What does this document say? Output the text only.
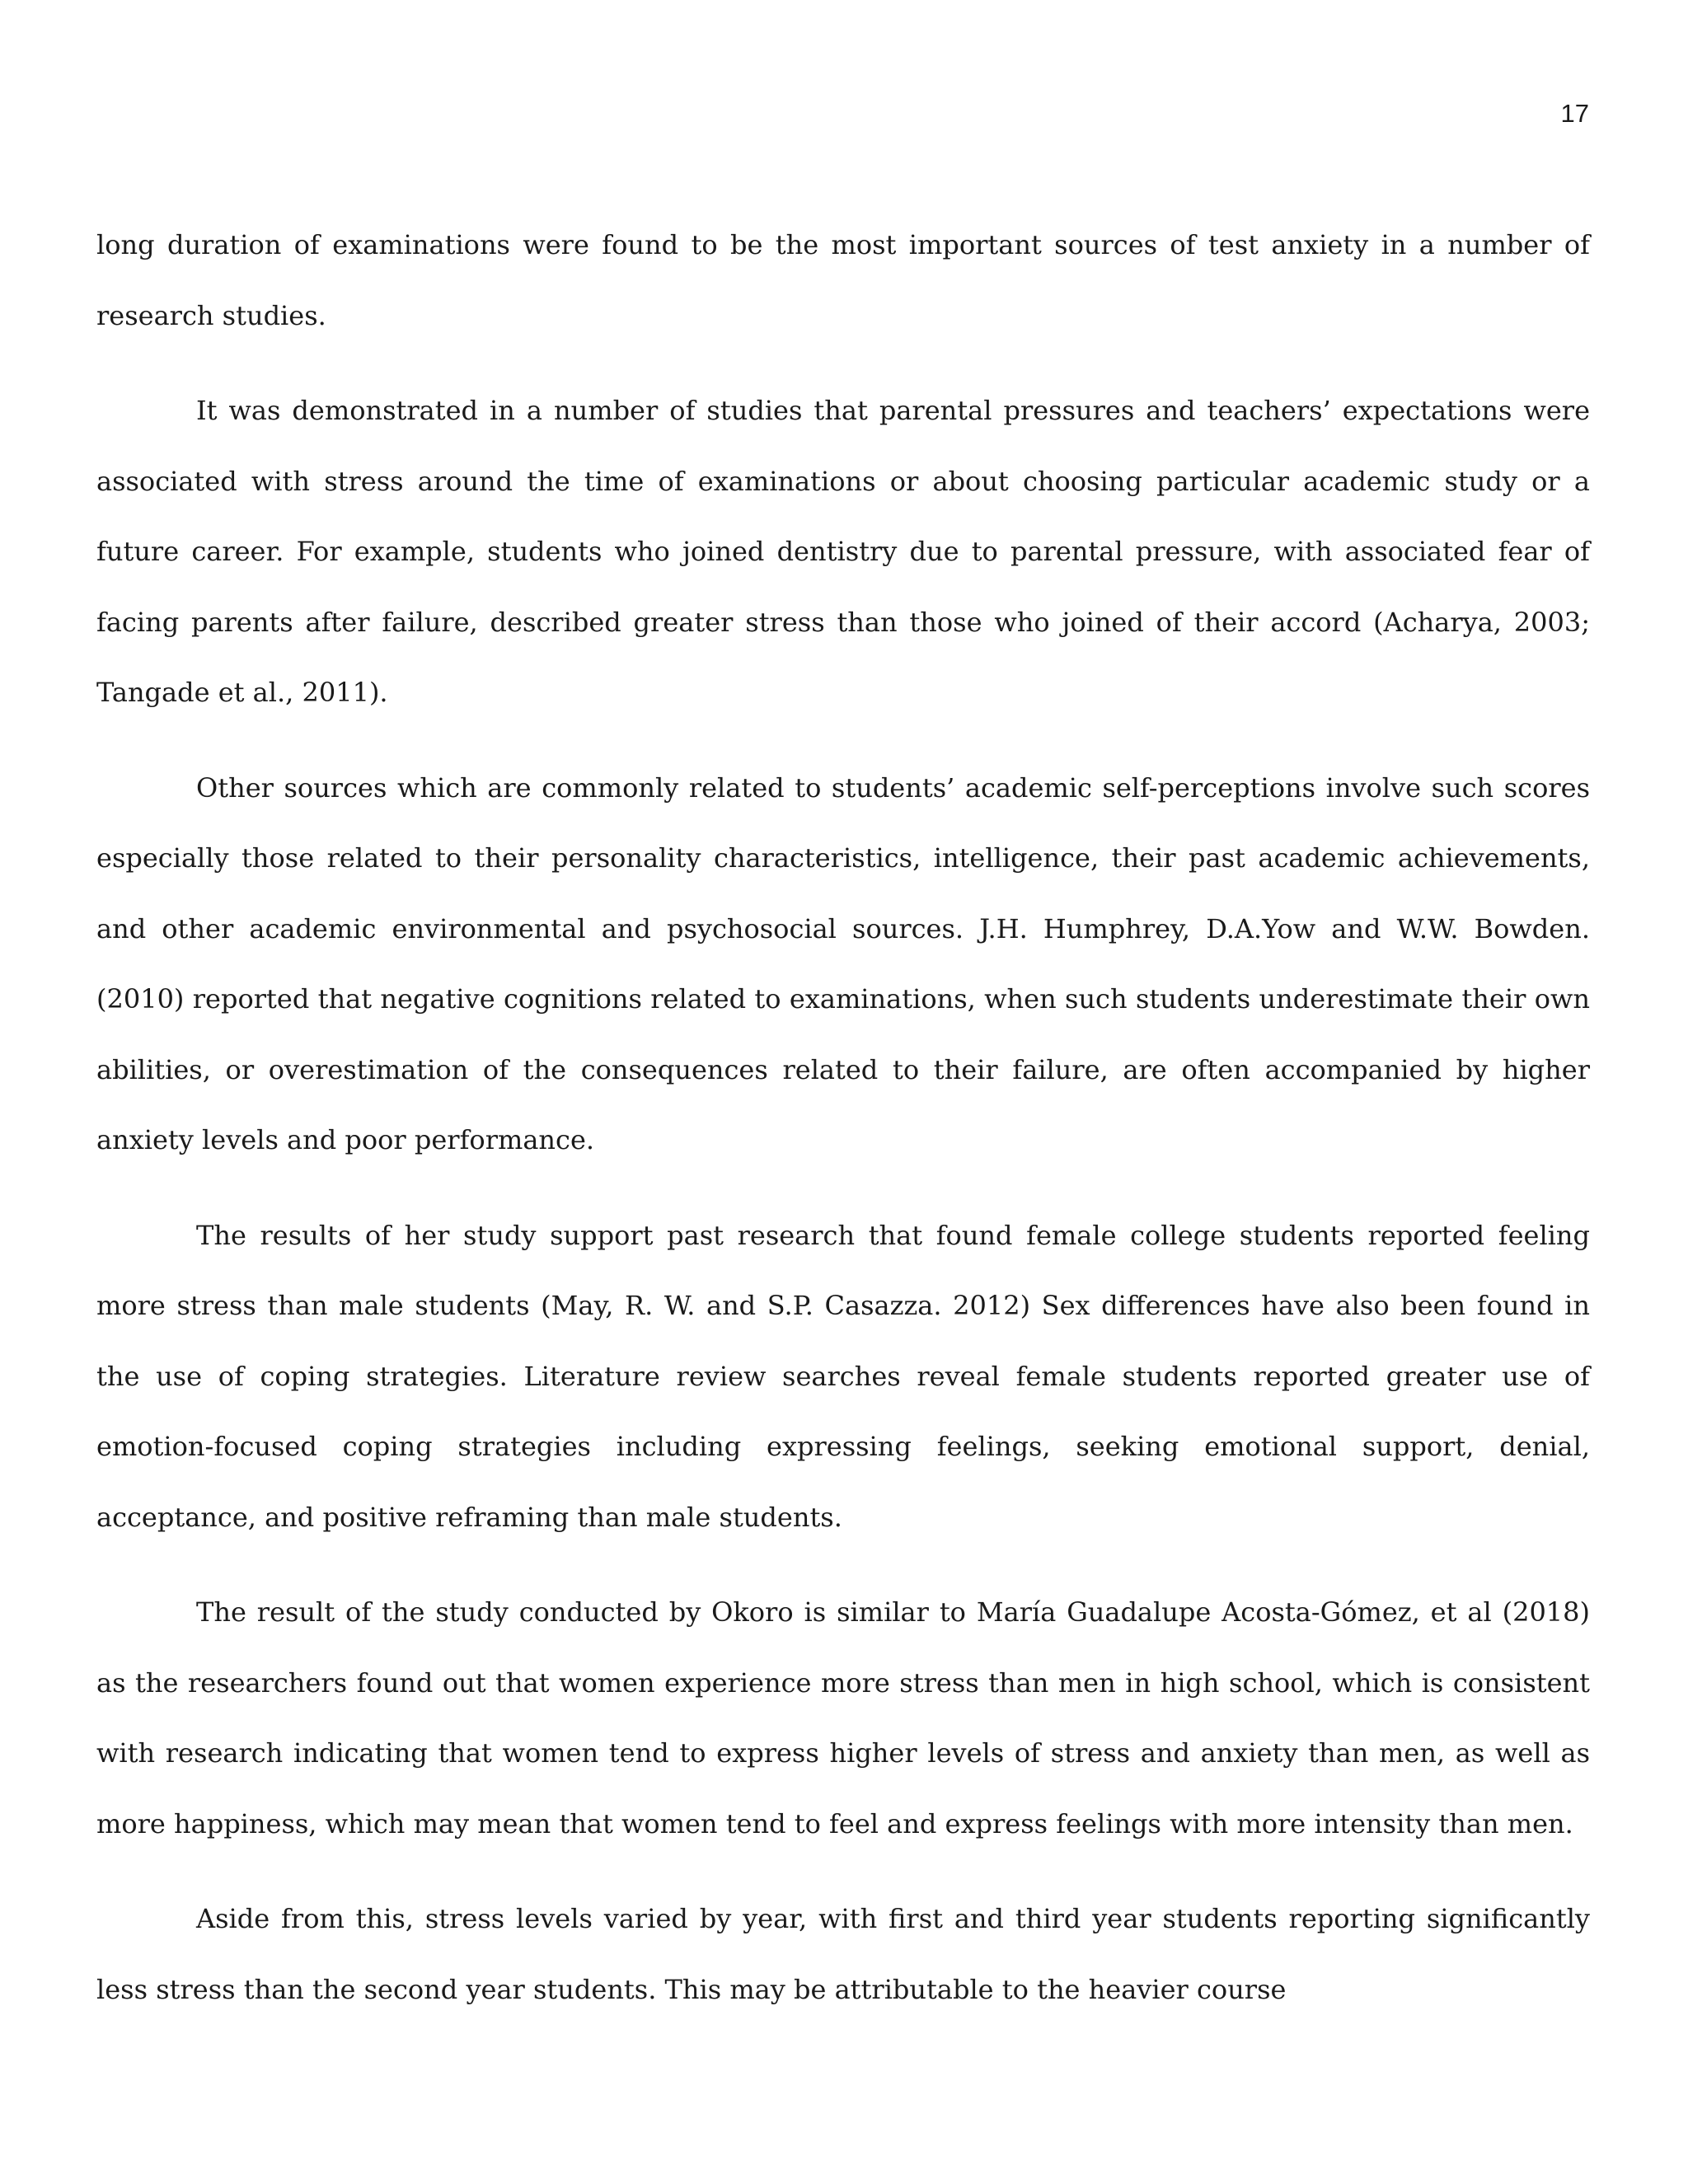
17

long duration of examinations were found to be the most important sources of test anxiety in a number of research studies.

It was demonstrated in a number of studies that parental pressures and teachers’ expectations were associated with stress around the time of examinations or about choosing particular academic study or a future career. For example, students who joined dentistry due to parental pressure, with associated fear of facing parents after failure, described greater stress than those who joined of their accord (Acharya, 2003; Tangade et al., 2011).

Other sources which are commonly related to students’ academic self-perceptions involve such scores especially those related to their personality characteristics, intelligence, their past academic achievements, and other academic environmental and psychosocial sources. J.H. Humphrey, D.A.Yow and W.W. Bowden. (2010) reported that negative cognitions related to examinations, when such students underestimate their own abilities, or overestimation of the consequences related to their failure, are often accompanied by higher anxiety levels and poor performance.

The results of her study support past research that found female college students reported feeling more stress than male students (May, R. W. and S.P. Casazza. 2012) Sex differences have also been found in the use of coping strategies. Literature review searches reveal female students reported greater use of emotion-focused coping strategies including expressing feelings, seeking emotional support, denial, acceptance, and positive reframing than male students.

The result of the study conducted by Okoro is similar to María Guadalupe Acosta-Gómez, et al (2018) as the researchers found out that women experience more stress than men in high school, which is consistent with research indicating that women tend to express higher levels of stress and anxiety than men, as well as more happiness, which may mean that women tend to feel and express feelings with more intensity than men.

Aside from this, stress levels varied by year, with first and third year students reporting significantly less stress than the second year students. This may be attributable to the heavier course
